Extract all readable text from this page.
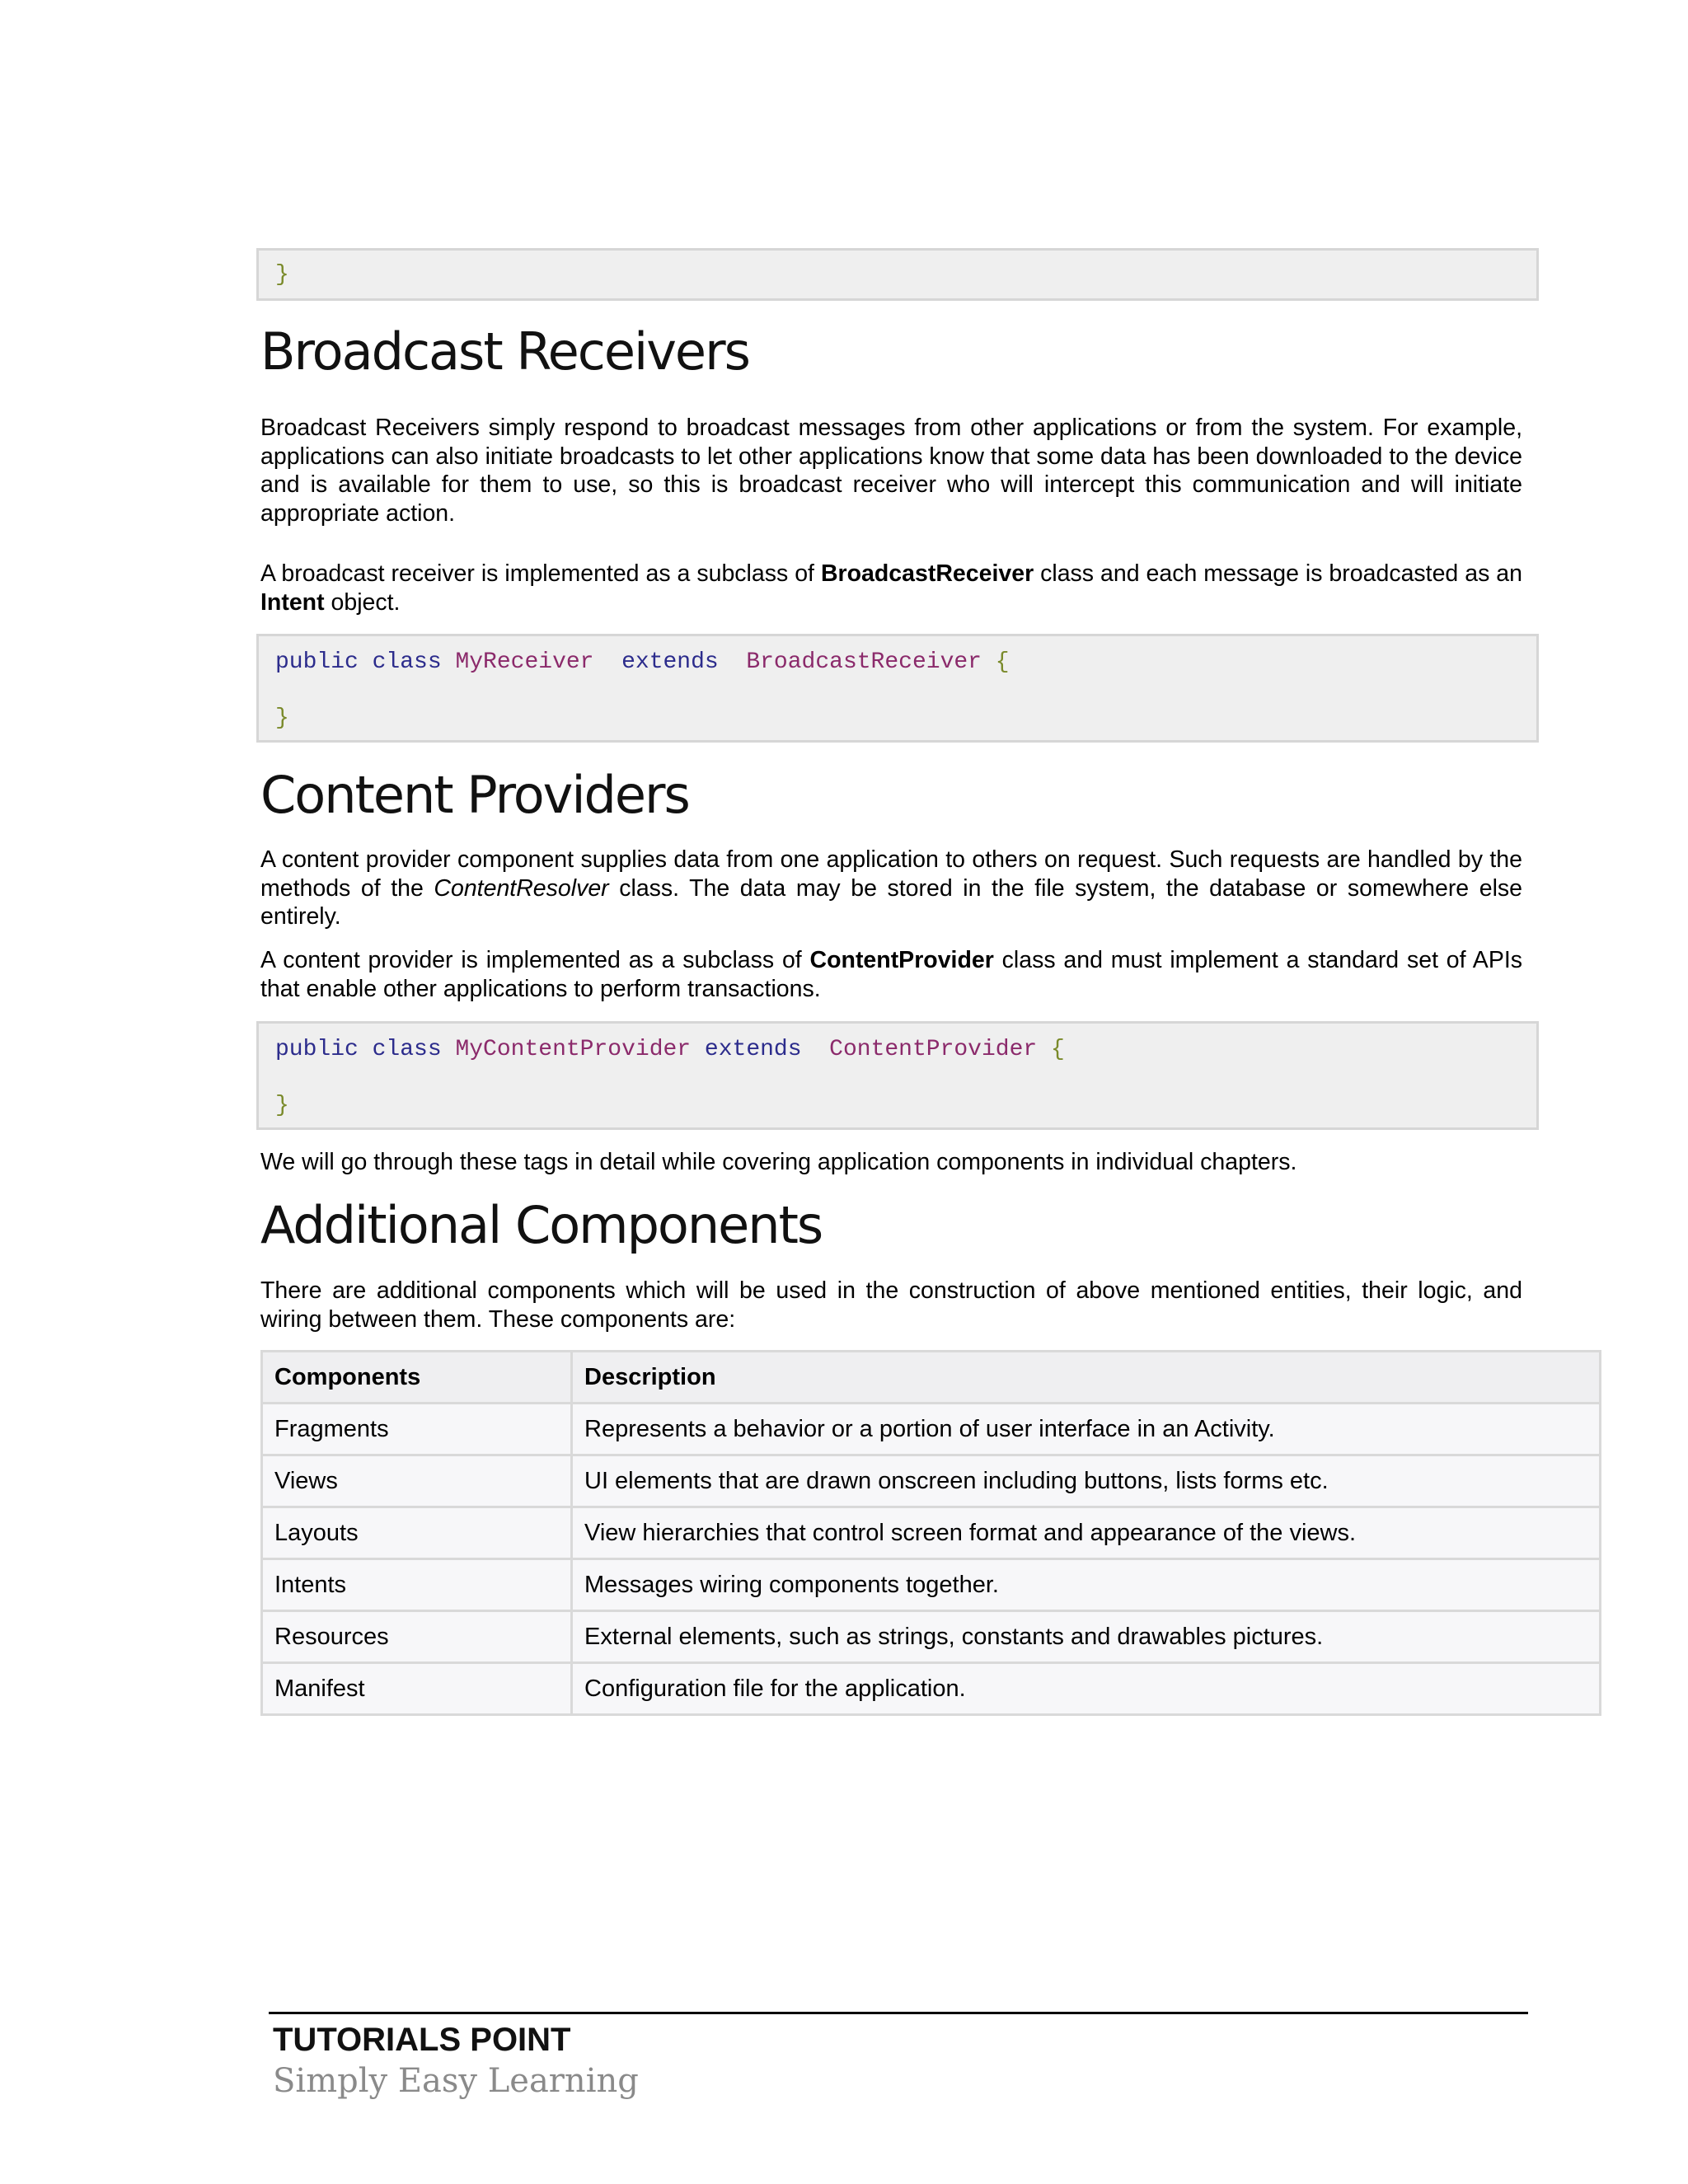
}
Broadcast Receivers
Broadcast Receivers simply respond to broadcast messages from other applications or from the system. For example, applications can also initiate broadcasts to let other applications know that some data has been downloaded to the device and is available for them to use, so this is broadcast receiver who will intercept this communication and will initiate appropriate action.
A broadcast receiver is implemented as a subclass of BroadcastReceiver class and each message is broadcasted as an Intent object.
public class MyReceiver extends BroadcastReceiver {
}
Content Providers
A content provider component supplies data from one application to others on request. Such requests are handled by the methods of the ContentResolver class. The data may be stored in the file system, the database or somewhere else entirely.
A content provider is implemented as a subclass of ContentProvider class and must implement a standard set of APIs that enable other applications to perform transactions.
public class MyContentProvider extends ContentProvider {
}
We will go through these tags in detail while covering application components in individual chapters.
Additional Components
There are additional components which will be used in the construction of above mentioned entities, their logic, and wiring between them. These components are:
Components	Description
Fragments	Represents a behavior or a portion of user interface in an Activity.
Views	UI elements that are drawn onscreen including buttons, lists forms etc.
Layouts	View hierarchies that control screen format and appearance of the views.
Intents	Messages wiring components together.
Resources	External elements, such as strings, constants and drawables pictures.
Manifest	Configuration file for the application.
TUTORIALS POINT
Simply Easy Learning
